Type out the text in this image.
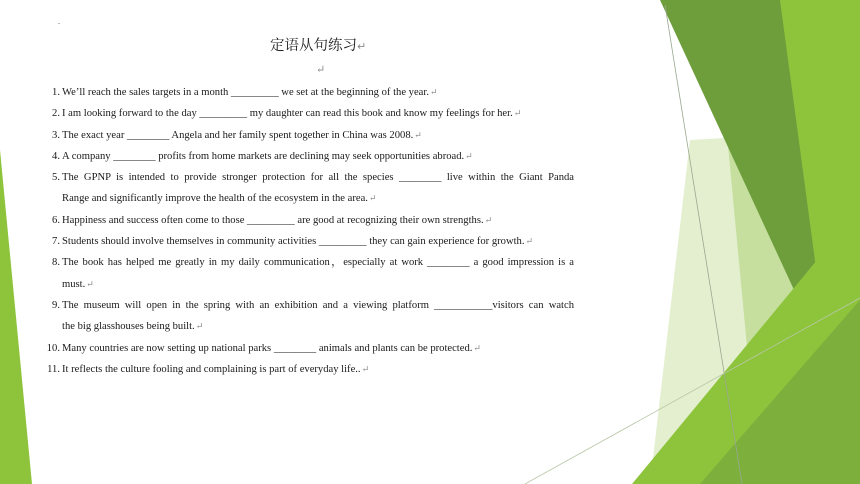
.
定语从句练习↵
↵
1. We’ll reach the sales targets in a month _________ we set at the beginning of the year.↵
2. I am looking forward to the day _________ my daughter can read this book and know my feelings for her.↵
3. The exact year ________ Angela and her family spent together in China was 2008.↵
4. A company ________ profits from home markets are declining may seek opportunities abroad.↵
5. The GPNP is intended to provide stronger protection for all the species ________ live within the Giant Panda
Range and significantly improve the health of the ecosystem in the area.↵
6. Happiness and success often come to those _________ are good at recognizing their own strengths.↵
7. Students should involve themselves in community activities _________ they can gain experience for growth.↵
8. The book has helped me greatly in my daily communication，especially at work ________ a good impression is a
must.↵
9. The museum will open in the spring with an exhibition and a viewing platform ___________visitors can watch
the big glasshouses being built.↵
10. Many countries are now setting up national parks ________ animals and plants can be protected.↵
11. It reflects the culture fooling and complaining is part of everyday life..↵
